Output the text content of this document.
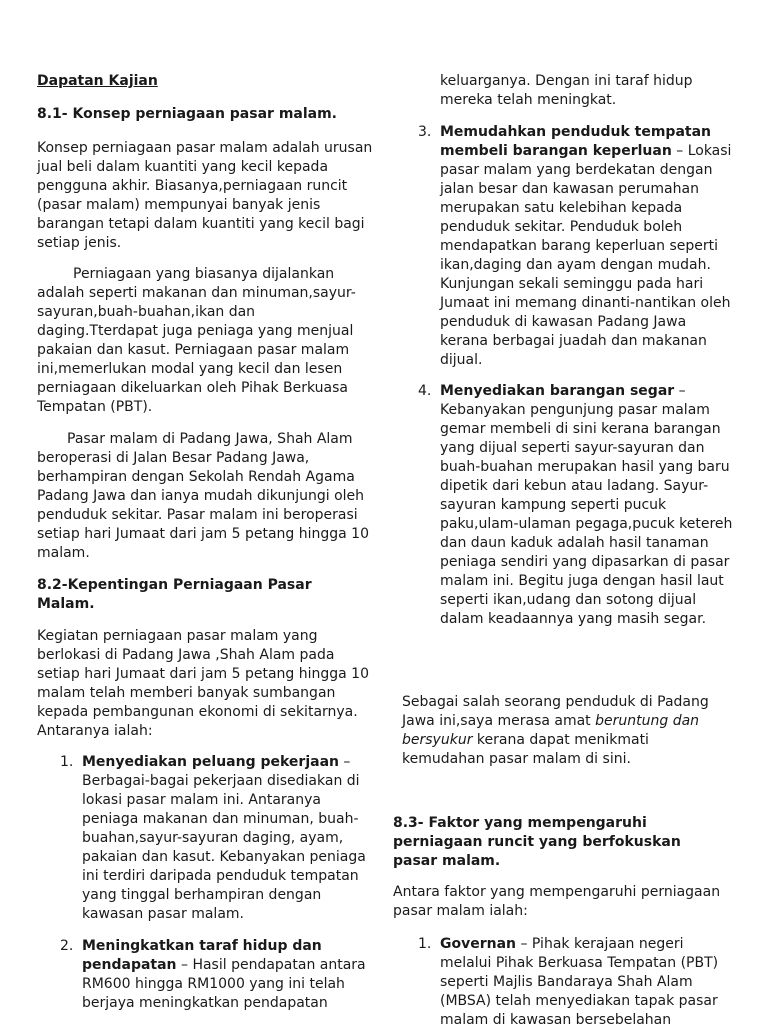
Dapatan Kajian

8.1- Konsep perniagaan pasar malam.

Konsep perniagaan pasar malam adalah urusan jual beli dalam kuantiti yang kecil kepada pengguna akhir. Biasanya,perniagaan runcit (pasar malam) mempunyai banyak jenis barangan tetapi dalam kuantiti yang kecil bagi setiap jenis.

Perniagaan yang biasanya dijalankan adalah seperti makanan dan minuman,sayur-sayuran,buah-buahan,ikan dan daging.Tterdapat juga peniaga yang menjual pakaian dan kasut. Perniagaan pasar malam ini,memerlukan modal yang kecil dan lesen perniagaan dikeluarkan oleh Pihak Berkuasa Tempatan (PBT).

Pasar malam di Padang Jawa, Shah Alam beroperasi di Jalan Besar Padang Jawa, berhampiran dengan Sekolah Rendah Agama Padang Jawa dan ianya mudah dikunjungi oleh penduduk sekitar. Pasar malam ini beroperasi setiap hari Jumaat dari jam 5 petang hingga 10 malam.

8.2-Kepentingan Perniagaan Pasar Malam.

Kegiatan perniagaan pasar malam yang berlokasi di Padang Jawa ,Shah Alam pada setiap hari Jumaat dari jam 5 petang hingga 10 malam telah memberi banyak sumbangan kepada pembangunan ekonomi di sekitarnya. Antaranya ialah:

1. Menyediakan peluang pekerjaan – Berbagai-bagai pekerjaan disediakan di lokasi pasar malam ini. Antaranya peniaga makanan dan minuman, buah-buahan,sayur-sayuran daging, ayam, pakaian dan kasut. Kebanyakan peniaga ini terdiri daripada penduduk tempatan yang tinggal berhampiran dengan kawasan pasar malam.
2. Meningkatkan taraf hidup dan pendapatan – Hasil pendapatan antara RM600 hingga RM1000 yang ini telah berjaya meningkatkan pendapatan

keluarganya. Dengan ini taraf hidup mereka telah meningkat.

3. Memudahkan penduduk tempatan membeli barangan keperluan – Lokasi pasar malam yang berdekatan dengan jalan besar dan kawasan perumahan merupakan satu kelebihan kepada penduduk sekitar. Penduduk boleh mendapatkan barang keperluan seperti ikan,daging dan ayam dengan mudah. Kunjungan sekali seminggu pada hari Jumaat ini memang dinanti-nantikan oleh penduduk di kawasan Padang Jawa kerana berbagai juadah dan makanan dijual.
4. Menyediakan barangan segar – Kebanyakan pengunjung pasar malam gemar membeli di sini kerana barangan yang dijual seperti sayur-sayuran dan buah-buahan merupakan hasil yang baru dipetik dari kebun atau ladang. Sayur-sayuran kampung seperti pucuk paku,ulam-ulaman pegaga,pucuk ketereh dan daun kaduk adalah hasil tanaman peniaga sendiri yang dipasarkan di pasar malam ini. Begitu juga dengan hasil laut seperti ikan,udang dan sotong dijual dalam keadaannya yang masih segar.

Sebagai salah seorang penduduk di Padang Jawa ini,saya merasa amat beruntung dan bersyukur kerana dapat menikmati kemudahan pasar malam di sini.

8.3- Faktor yang mempengaruhi perniagaan runcit yang berfokuskan pasar malam.

Antara faktor yang mempengaruhi perniagaan pasar malam ialah:

1. Governan – Pihak kerajaan negeri melalui Pihak Berkuasa Tempatan (PBT) seperti Majlis Bandaraya Shah Alam (MBSA) telah menyediakan tapak pasar malam di kawasan bersebelahan
